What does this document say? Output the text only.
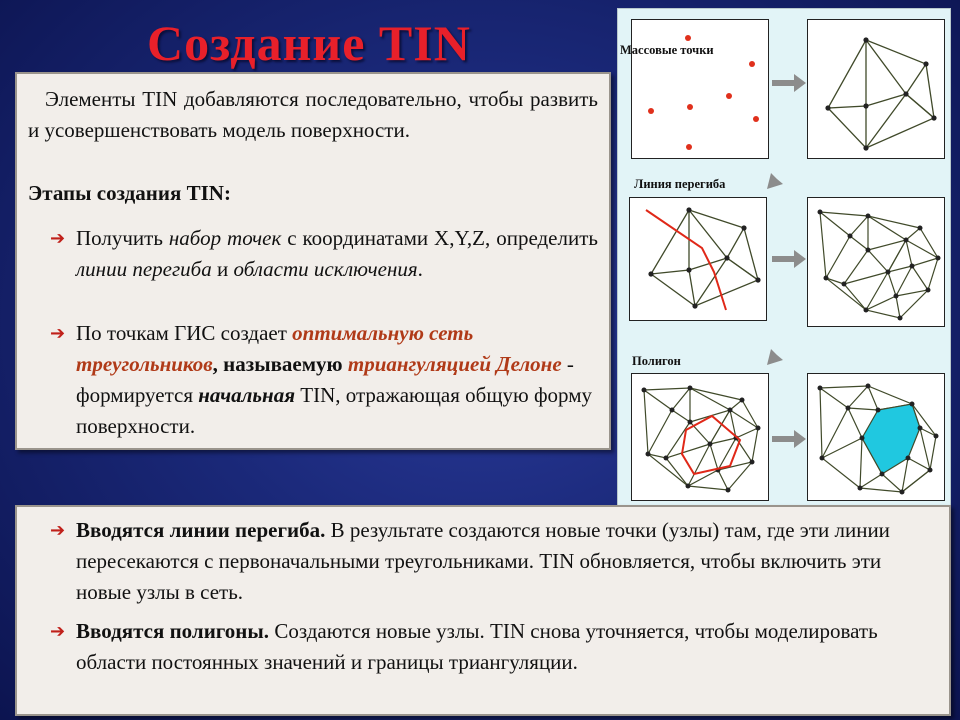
Создание TIN
Элементы TIN добавляются последовательно, чтобы развить и усовершенствовать модель поверхности.
Этапы создания TIN:
➔ Получить набор точек с координатами X,Y,Z, определить линии перегиба и области исключения.
➔ По точкам ГИС создает оптимальную сеть треугольников, называемую триангуляцией Делоне - формируется начальная TIN, отражающая общую форму поверхности.
Массовые точки
Линия перегиба
Полигон
➔ Вводятся линии перегиба. В результате создаются новые точки (узлы) там, где эти линии пересекаются с первоначальными треугольниками. TIN обновляется, чтобы включить эти новые узлы в сеть.
➔ Вводятся полигоны. Создаются новые узлы. TIN снова уточняется, чтобы моделировать области постоянных значений и границы триангуляции.
